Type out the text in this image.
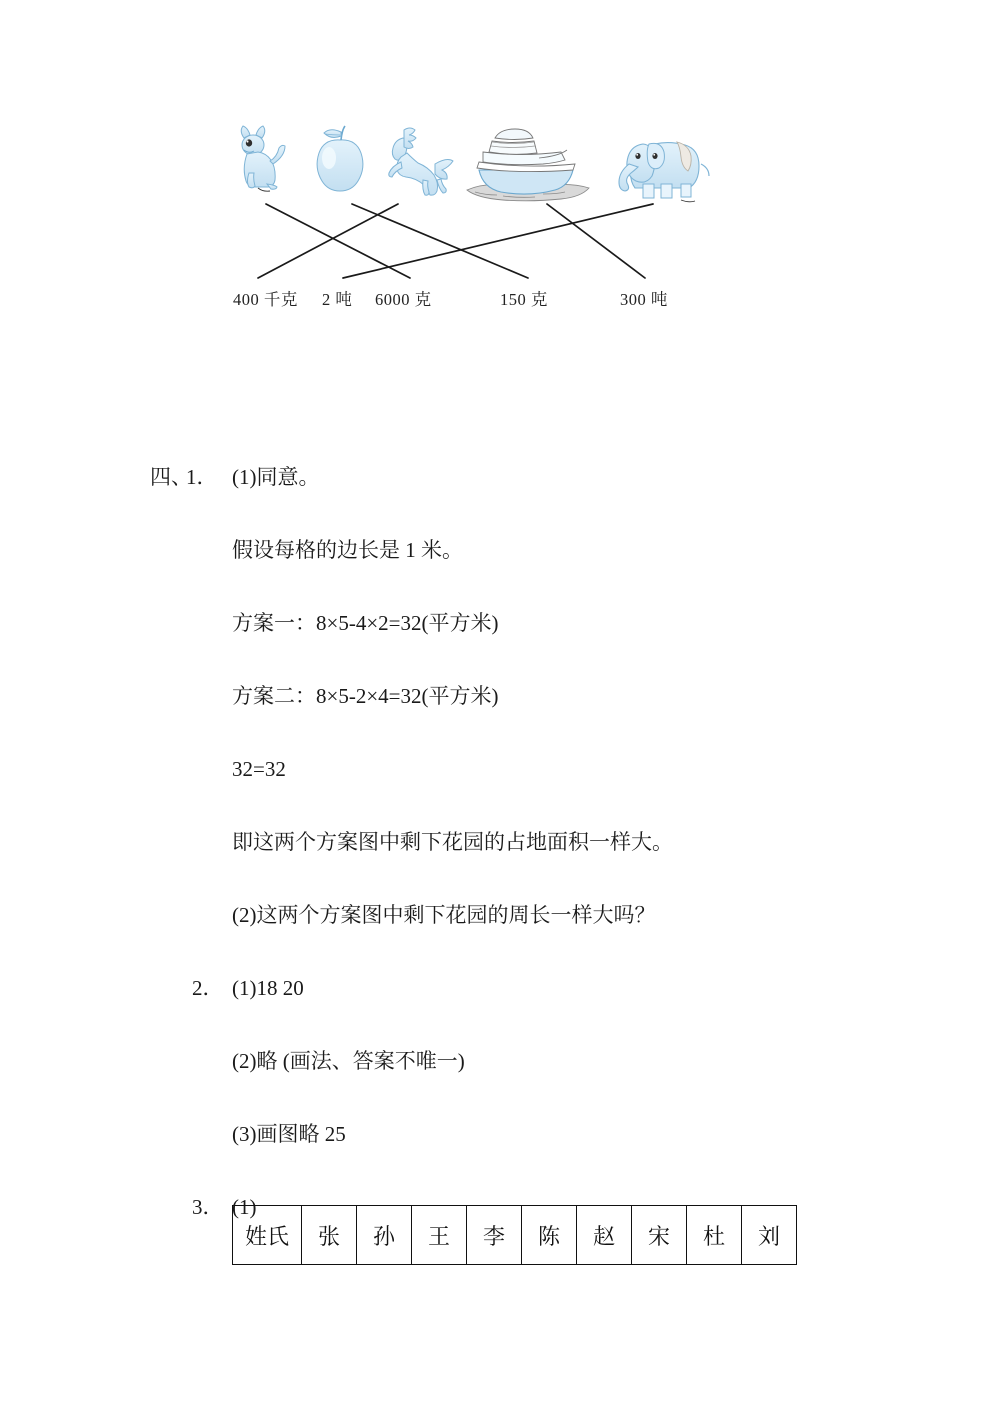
400 千克 2 吨 6000 克	150 克	300 吨
四、
1． (1)同意。
假设每格的边长是 1 米。
方案一：8×5-4×2=32(平方米)
方案二：8×5-2×4=32(平方米)
32=32
即这两个方案图中剩下花园的占地面积一样大。
(2)这两个方案图中剩下花园的周长一样大吗？
2． (1)18 20
(2)略 (画法、答案不唯一)
(3)画图略 25
3． (1)
姓氏	张	孙	王	李	陈	赵	宋	杜	刘
